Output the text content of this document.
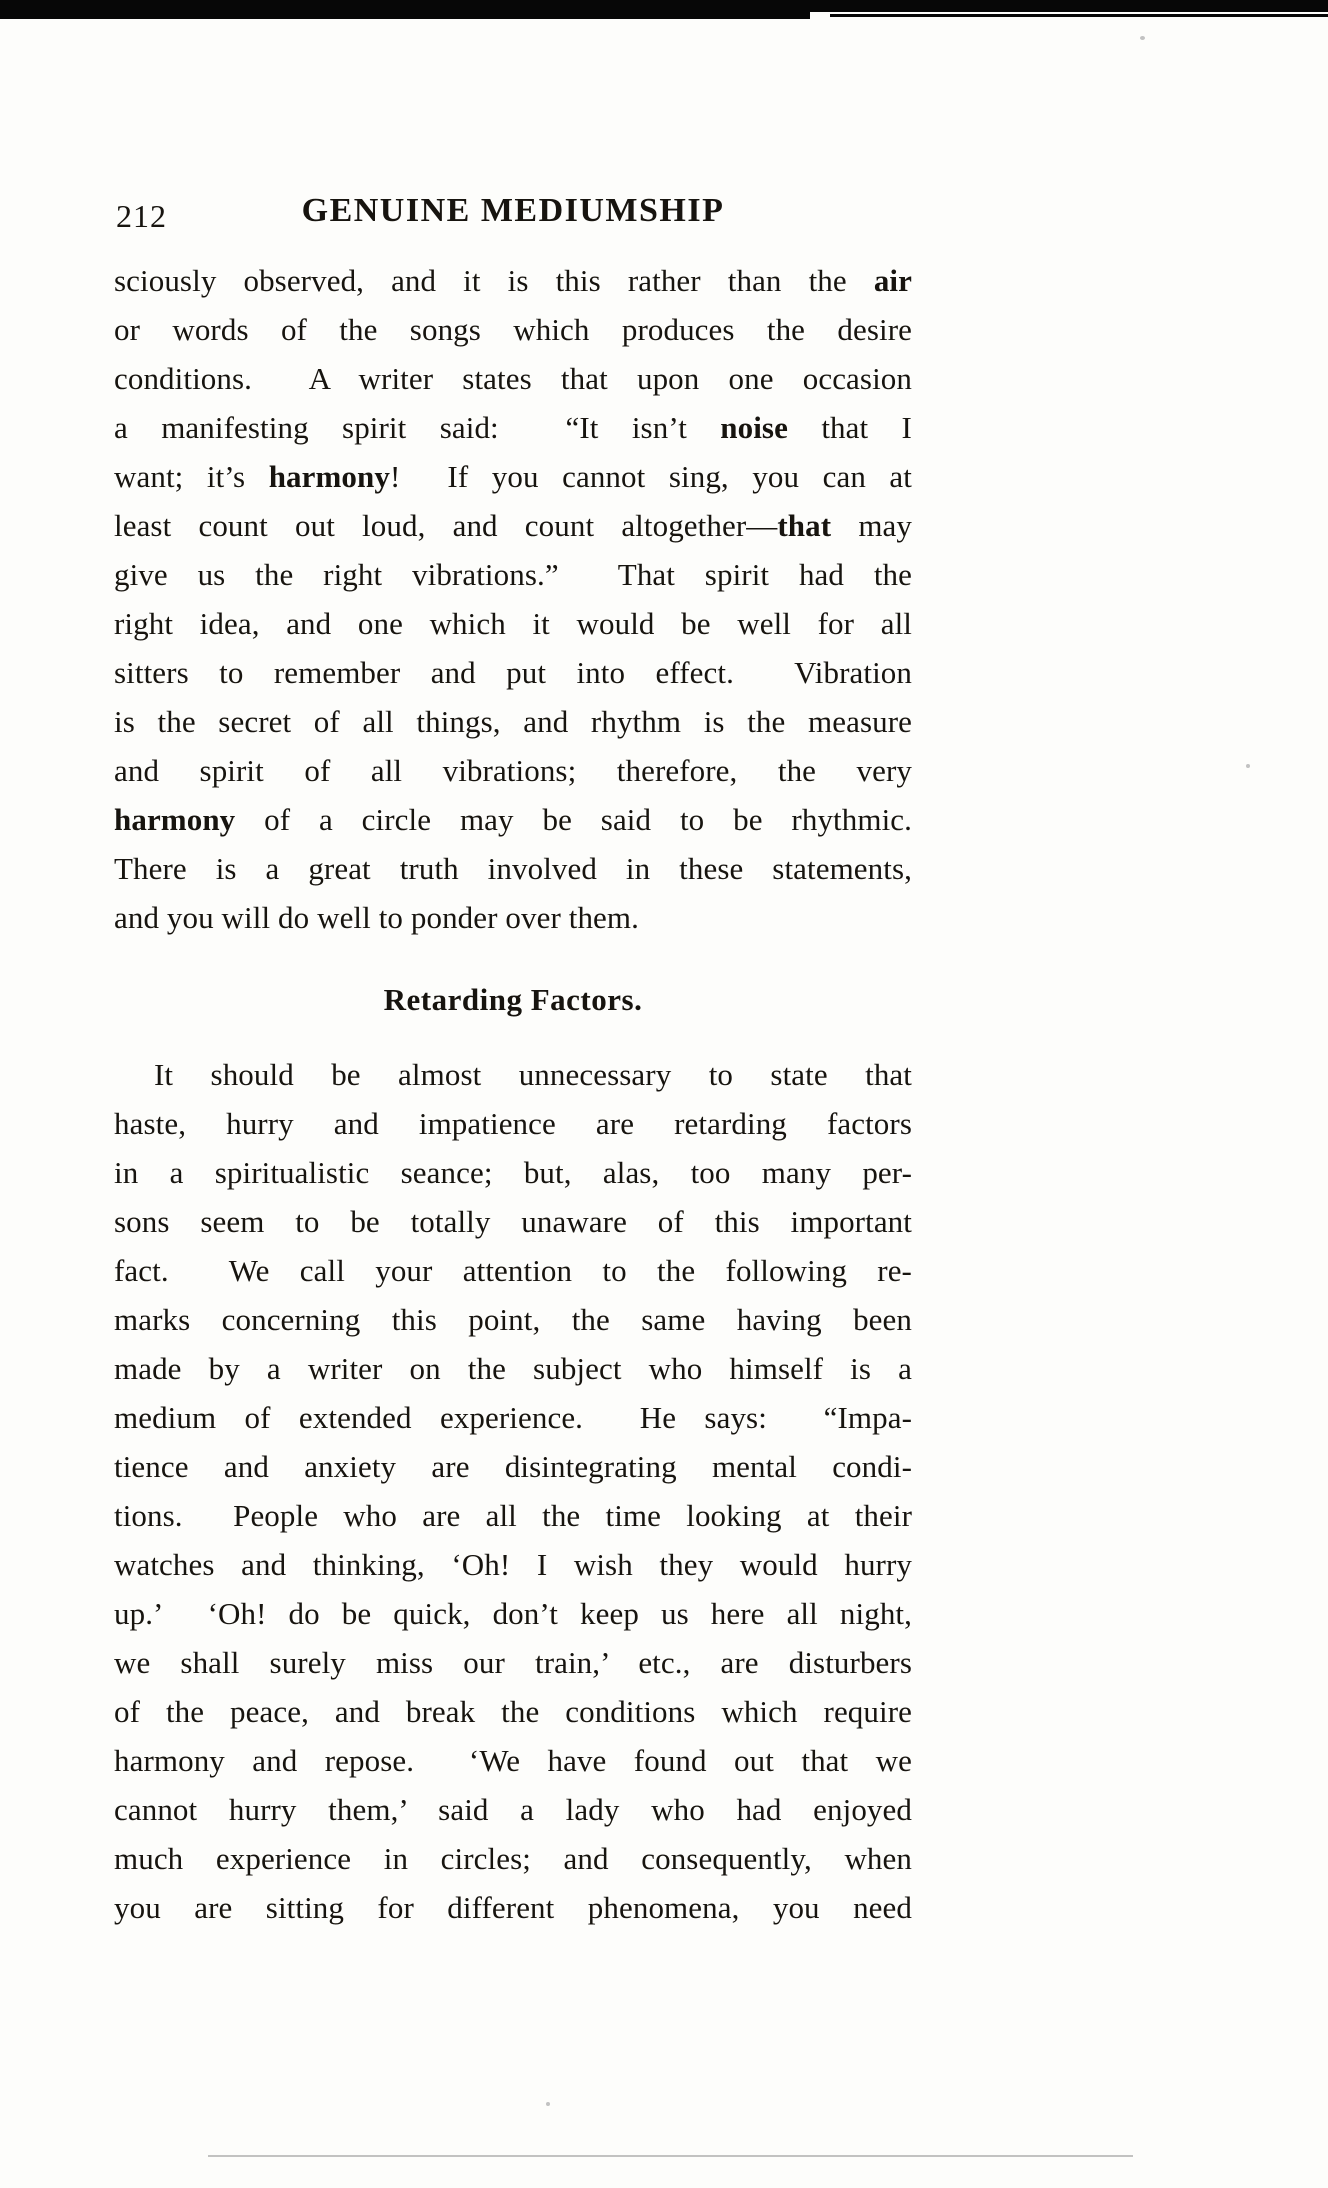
212	GENUINE MEDIUMSHIP
sciously observed, and it is this rather than the air
or words of the songs which produces the desire
conditions.  A writer states that upon one occasion
a manifesting spirit said:  “It isn’t noise that I
want; it’s harmony!  If you cannot sing, you can at
least count out loud, and count altogether—that may
give us the right vibrations.”  That spirit had the
right idea, and one which it would be well for all
sitters to remember and put into effect.  Vibration
is the secret of all things, and rhythm is the measure
and spirit of all vibrations; therefore, the very
harmony of a circle may be said to be rhythmic.
There is a great truth involved in these statements,
and you will do well to ponder over them.
Retarding Factors.
It should be almost unnecessary to state that
haste, hurry and impatience are retarding factors
in a spiritualistic seance; but, alas, too many per-
sons seem to be totally unaware of this important
fact.  We call your attention to the following re-
marks concerning this point, the same having been
made by a writer on the subject who himself is a
medium of extended experience.  He says:  “Impa-
tience and anxiety are disintegrating mental condi-
tions.  People who are all the time looking at their
watches and thinking, ‘Oh! I wish they would hurry
up.’  ‘Oh! do be quick, don’t keep us here all night,
we shall surely miss our train,’ etc., are disturbers
of the peace, and break the conditions which require
harmony and repose.  ‘We have found out that we
cannot hurry them,’ said a lady who had enjoyed
much experience in circles; and consequently, when
you are sitting for different phenomena, you need
